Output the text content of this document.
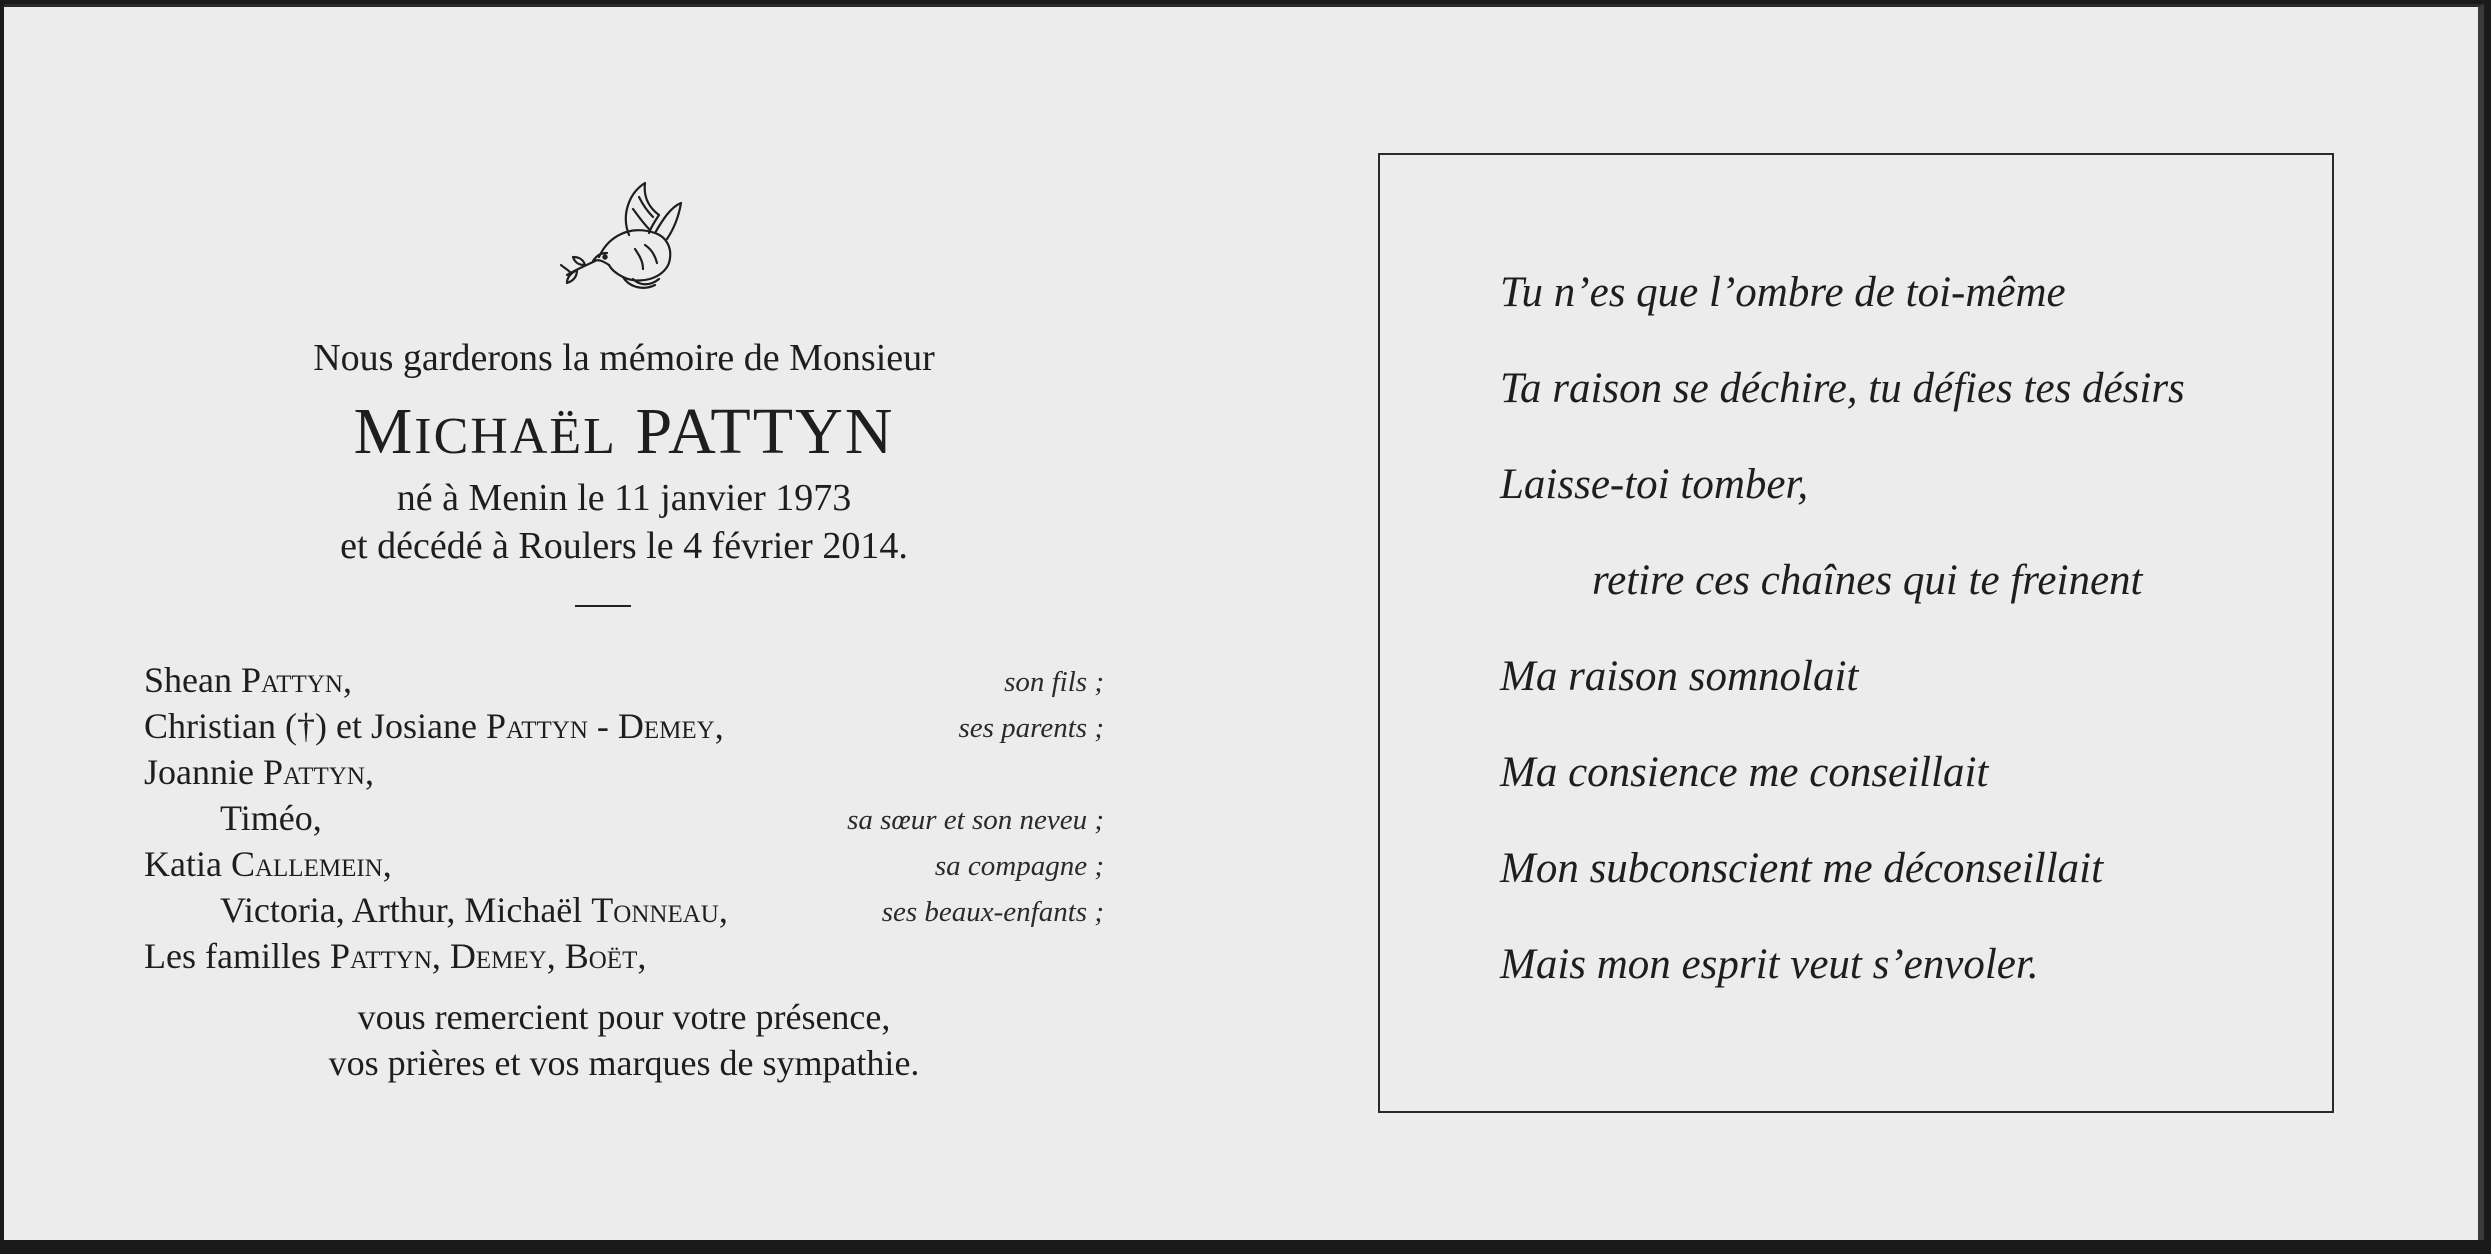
Nous garderons la mémoire de Monsieur
MICHAËL PATTYN
né à Menin le 11 janvier 1973
et décédé à Roulers le 4 février 2014.
Shean Pattyn,	son fils ;
Christian (†) et Josiane Pattyn - Demey,	ses parents ;
Joannie Pattyn,
Timéo,	sa sœur et son neveu ;
Katia Callemein,	sa compagne ;
Victoria, Arthur, Michaël Tonneau,	ses beaux-enfants ;
Les familles Pattyn, Demey, Boët,
vous remercient pour votre présence,
vos prières et vos marques de sympathie.
Tu n’es que l’ombre de toi-même
Ta raison se déchire, tu défies tes désirs
Laisse-toi tomber,
retire ces chaînes qui te freinent
Ma raison somnolait
Ma consience me conseillait
Mon subconscient me déconseillait
Mais mon esprit veut s’envoler.
